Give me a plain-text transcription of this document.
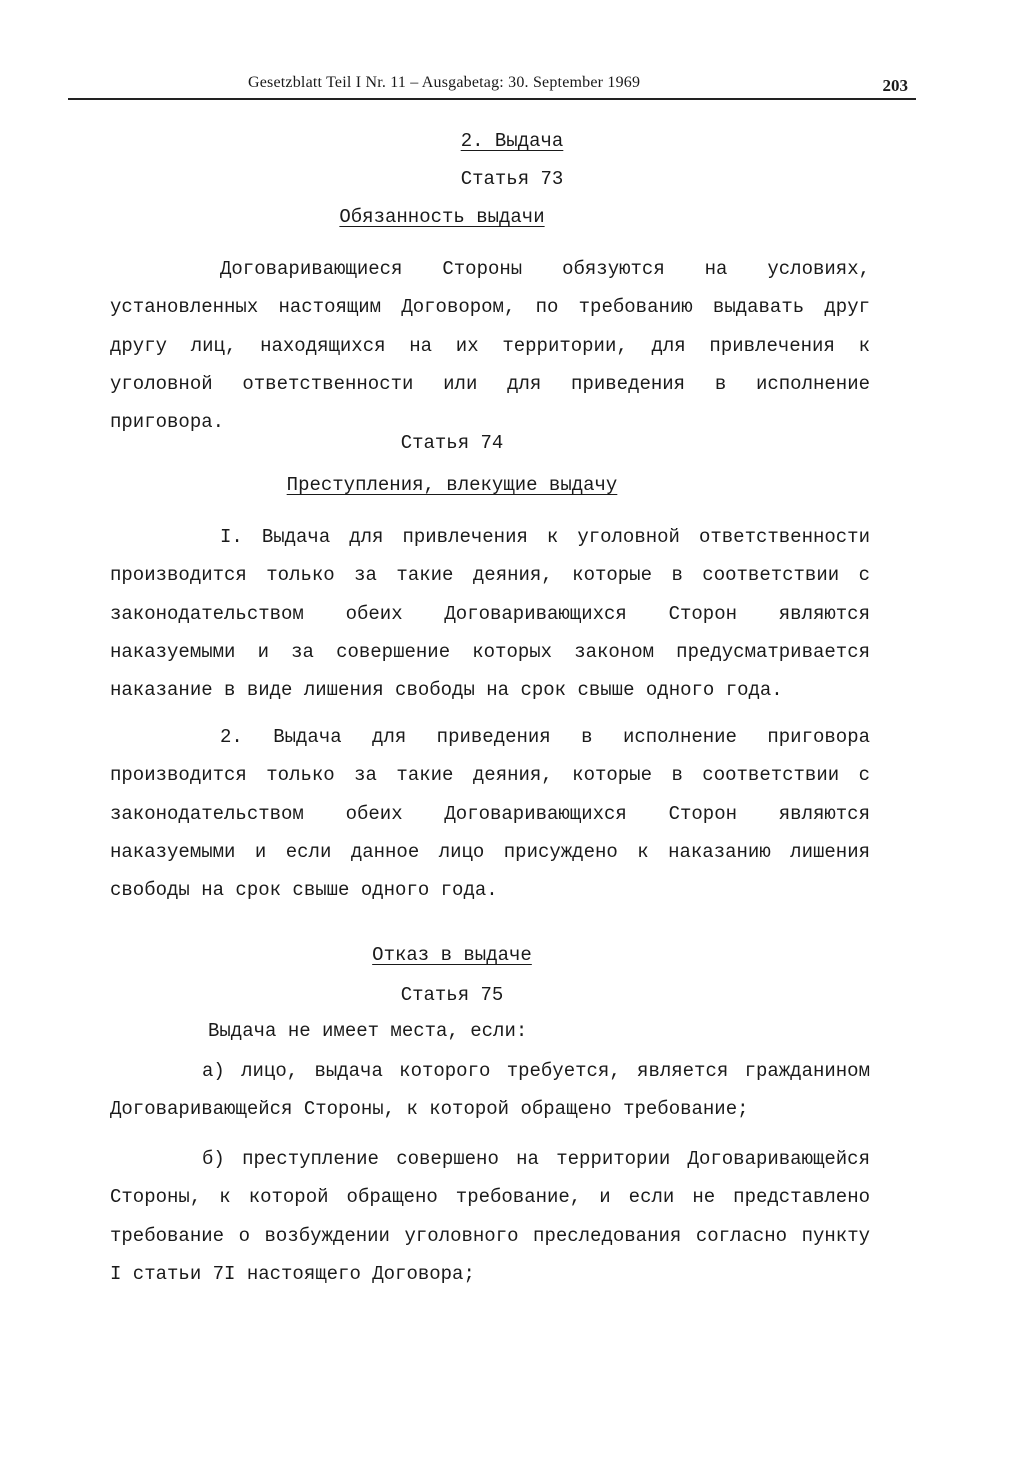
Gesetzblatt Teil I Nr. 11 – Ausgabetag: 30. September 1969	203
2. Выдача
Статья 73
Обязанность выдачи

Договаривающиеся Стороны обязуются на условиях, установленных настоящим Договором, по требованию выдавать друг другу лиц, находящихся на их территории, для привлечения к уголовной ответственности или для приведения в исполнение приговора.

Статья 74
Преступления, влекущие выдачу

I. Выдача для привлечения к уголовной ответственности производится только за такие деяния, которые в соответствии с законодательством обеих Договаривающихся Сторон являются наказуемыми и за совершение которых законом предусматривается наказание в виде лишения свободы на срок свыше одного года.

2. Выдача для приведения в исполнение приговора производится только за такие деяния, которые в соответствии с законодательством обеих Договаривающихся Сторон являются наказуемыми и если данное лицо присуждено к наказанию лишения свободы на срок свыше одного года.

Отказ в выдаче
Статья 75
Выдача не имеет места, если:

а) лицо, выдача которого требуется, является гражданином Договаривающейся Стороны, к которой обращено требование;

б) преступление совершено на территории Договаривающейся Стороны, к которой обращено требование, и если не представлено требование о возбуждении уголовного преследования согласно пункту I статьи 7I настоящего Договора;
